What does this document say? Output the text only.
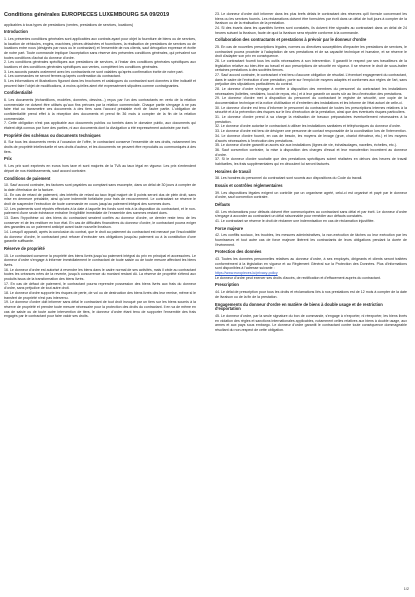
Conditions générales EUROPIECES LUXEMBOURG SA 09/2019
applicables à tous types de prestations (ventes, prestations de services, locations)
Introduction
1. Les présentes conditions générales sont applicables aux contrats ayant pour objet la fourniture de biens ou de services, la location de véhicules, engins, machines, pièces détachées et fournitures, la réalisation de prestations de services ou de locations entre nous (désignés par nous ou le contractant) et l'ensemble de nos clients, sauf dérogation expresse et écrite de notre part. Toute commande implique l'acceptation sans réserve des présentes conditions générales, qui prévalent sur toutes conditions d'achat du donneur d'ordre.
2. Les conditions générales spécifiques aux prestations de services, à l'instar des conditions générales spécifiques aux locations et des conditions générales spécifiques aux ventes, complètent les conditions générales.
3. Les accords passés oralement avec les contractants ne sont valables qu'après confirmation écrite de notre part.
4. Les commandes ne seront fermes qu'après confirmation du contractant.
5. Les informations et illustrations figurant dans les brochures et catalogues du contractant sont données à titre indicatif et peuvent faire l'objet de modifications, à moins qu'elles aient été expressément stipulées comme contraignantes.
Confidentialité
6. Les documents (échantillons, modèles, données, dessins...) reçus par l'un des contractants en vertu de la relation commerciale ne doivent être utilisés qu'aux fins prévues par la relation commerciale. Chaque partie s'engage à ne pas faire état ou transmettre ces documents à des tiers sans l'accord préalable écrit de l'autre partie. L'obligation de confidentialité prend effet à la réception des documents et prend fin 36 mois à compter de la fin de la relation commerciale.
7. Cette obligation n'est pas applicable aux documents publics ou tombés dans le domaine public, aux documents qui étaient déjà connus par l'une des parties, ni aux documents dont la divulgation a été expressément autorisée par écrit.
Propriété des schémas ou documents techniques
8. Sur tous les documents remis à l'occasion de l'offre, le contractant conserve l'ensemble de ses droits, notamment les droits de propriété intellectuelle et ses droits d'auteur, et les documents ne peuvent être reproduits ou communiqués à des tiers.
Prix
9. Les prix sont exprimés en euros hors taxe et sont majorés de la TVA au taux légal en vigueur. Les prix s'entendent départ de nos établissements, sauf accord contraire.
Conditions de paiement
10. Sauf accord contraire, les factures sont payables au comptant sans escompte, dans un délai de 30 jours à compter de la date d'émission de la facture.
11. En cas de retard de paiement, des intérêts de retard au taux légal majoré de 8 points seront dus de plein droit, sans mise en demeure préalable, ainsi qu'une indemnité forfaitaire pour frais de recouvrement. Le contractant se réserve le droit de suspendre l'exécution de toute commande en cours jusqu'au paiement intégral des sommes dues.
12. Les paiements sont réputés effectués à la date à laquelle les fonds sont mis à la disposition du contractant, et le non-paiement d'une seule échéance entraîne l'exigibilité immédiate de l'ensemble des sommes restant dues.
13. Dans l'hypothèse où des biens du contractant seraient confiés au donneur d'ordre, ce dernier reste tenu de les conserver et de les restituer en bon état. En cas de difficultés financières du donneur d'ordre, le contractant pourra exiger des garanties ou un paiement anticipé avant toute nouvelle livraison.
14. Lorsqu'il apparaît, après la conclusion du contrat, que le droit au paiement du contractant est menacé par l'insolvabilité du donneur d'ordre, le contractant peut refuser d'exécuter ses obligations jusqu'au paiement ou à la constitution d'une garantie suffisante.
Réserve de propriété
15. Le contractant conserve la propriété des biens livrés jusqu'au paiement intégral du prix en principal et accessoires. Le donneur d'ordre s'engage à informer immédiatement le contractant de toute saisie ou de toute mesure affectant les biens livrés.
16. Le donneur d'ordre est autorisé à revendre les biens dans le cadre normal de ses activités, mais il cède au contractant toutes les créances nées de la revente, jusqu'à concurrence du montant restant dû. La réserve de propriété s'étend aux produits issus de la transformation des biens livrés.
17. En cas de défaut de paiement, le contractant pourra reprendre possession des biens livrés aux frais du donneur d'ordre, sans préjudice de tout autre droit.
18. Le donneur d'ordre supporte les risques de perte, de vol ou de destruction des biens livrés dès leur remise, même si le transfert de propriété n'est pas intervenu.
19. Le donneur d'ordre doit informer sans délai le contractant de tout droit invoqué par un tiers sur les biens soumis à la réserve de propriété et prendre toute mesure nécessaire pour la protection des droits du contractant. Il en va de même en cas de saisie ou de toute autre intervention de tiers, le donneur d'ordre étant tenu de supporter l'ensemble des frais engagés par le contractant pour faire valoir ses droits.
23. Le donneur d'ordre doit informer dans les plus brefs délais le contractant des réserves qu'il formule concernant les biens ou les services fournis. Les réclamations doivent être formulées par écrit dans un délai de huit jours à compter de la livraison ou de la réalisation de la prestation.
24. Si des écarts dans les quantités livrées sont constatés, ils doivent être signalés au contractant dans un délai de 24 heures suivant la livraison, faute de quoi la livraison sera réputée conforme à la commande.
Collaboration des contractants et prestations à prévoir par le donneur d'ordre
25. En cas de nouvelles prescriptions légales, normes ou directives susceptibles d'impacter les prestations de services, le contractant pourra procéder à l'adaptation de ses prestations et de sa capacité technique et humaine, et se réserve le droit d'adapter son prix en conséquence.
26. Le contractant fournit tous les outils nécessaires à son intervention. Il garantit le respect par ses travailleurs de la législation relative au bien-être au travail et aux prescriptions de sécurité en vigueur. Il se réserve le droit de sous-traiter certaines prestations à des sociétés tierces.
27. Sauf accord contraire, le contractant n'est tenu d'aucune obligation de résultat. L'éventuel engagement du contractant, dans le cadre de l'exécution d'une prestation, porte sur l'emploi de moyens adaptés et conformes aux règles de l'art, sans préjudice des stipulations particulières du contrat.
28. Le donneur d'ordre s'engage à mettre à disposition des membres du personnel du contractant les installations nécessaires (toilettes, vestiaires, local de repos, etc.) et à leur garantir un accès sûr au lieu d'exécution des prestations.
29. Le donneur d'ordre met à disposition du personnel du contractant le registre de sécurité, une copie de la documentation technique et la notice d'utilisation et d'entretien des installations et les informe de l'état actuel de celle-ci.
30. Le donneur d'ordre est tenu d'informer le personnel du contractant de toutes les prescriptions internes relatives à la sécurité et à la prévention des risques sur le lieu d'exécution de la prestation, ainsi que des éventuels risques particuliers.
31. Le donneur d'ordre prend à sa charge la réalisation de travaux préparatoires éventuellement nécessaires à la prestation.
32. Le donneur d'ordre autorise le contractant à utiliser les installations sanitaires et téléphoniques du donneur d'ordre.
33. Le donneur d'ordre est tenu de désigner une personne de contact responsable de la coordination lors de l'intervention.
34. Le donneur d'ordre fournit, en cas de besoin, les moyens de levage (grue, chariot élévateur, etc.) et les moyens d'accès nécessaires à l'exécution des prestations.
35. Le donneur d'ordre garantit un accès sûr aux installations (lignes de vie, échafaudages, nacelles, échelles, etc.).
36. Sauf convention contraire, la mise à disposition des charges d'essai et leur manutention incombent au donneur d'ordre.
37. Si le donneur d'ordre souhaite que des prestations spécifiques soient réalisées en dehors des heures de travail habituelles, les frais supplémentaires qui en découlent lui seront facturés.
Horaires de travail
38. Les horaires du personnel du contractant sont soumis aux dispositions du Code du travail.
Essais et contrôles réglementaires
39. Les dispositions légales exigent un contrôle par un organisme agréé, celui-ci est organisé et payé par le donneur d'ordre, sauf convention contraire.
Défauts
40. Les réclamations pour défauts doivent être communiquées au contractant sans délai et par écrit. Le donneur d'ordre s'engage à accorder au contractant un délai raisonnable pour remédier aux défauts constatés.
41. Le contractant se réserve le droit de réclamer une indemnisation en cas de réclamation injustifiée.
Force majeure
42. Les conflits sociaux, les troubles, les mesures administratives, la non-exécution de tâches ou leur exécution par les fournisseurs et tout autre cas de force majeure libèrent les contractants de leurs obligations pendant la durée de l'événement.
Protection des données
43. Toutes les données personnelles relatives au donneur d'ordre, à ses employés, dirigeants et clients seront traitées conformément à la législation en vigueur et au Règlement Général sur la Protection des Données. Plus d'informations sont disponibles à l'adresse suivante :
https://www.europieces.lu/privacy-policy
Le donneur d'ordre peut exercer ses droits d'accès, de rectification et d'effacement auprès du contractant.
Prescription
44. Le délai de prescription pour tous les droits et réclamations liés à nos prestations est de 12 mois à compter de la date de livraison ou de la fin de la prestation.
Engagements du donneur d'ordre en matière de biens à double usage et de restriction d'exportation
45. Le donneur d'ordre, par la seule signature du bon de commande, s'engage à n'exporter, ni réexporter, les biens livrés en violation des règles et sanctions internationales applicables, notamment celles relatives aux biens à double usage, aux armes et aux pays sous embargo. Le donneur d'ordre garantit le contractant contre toute conséquence dommageable résultant du non-respect de cette obligation.
1/2
